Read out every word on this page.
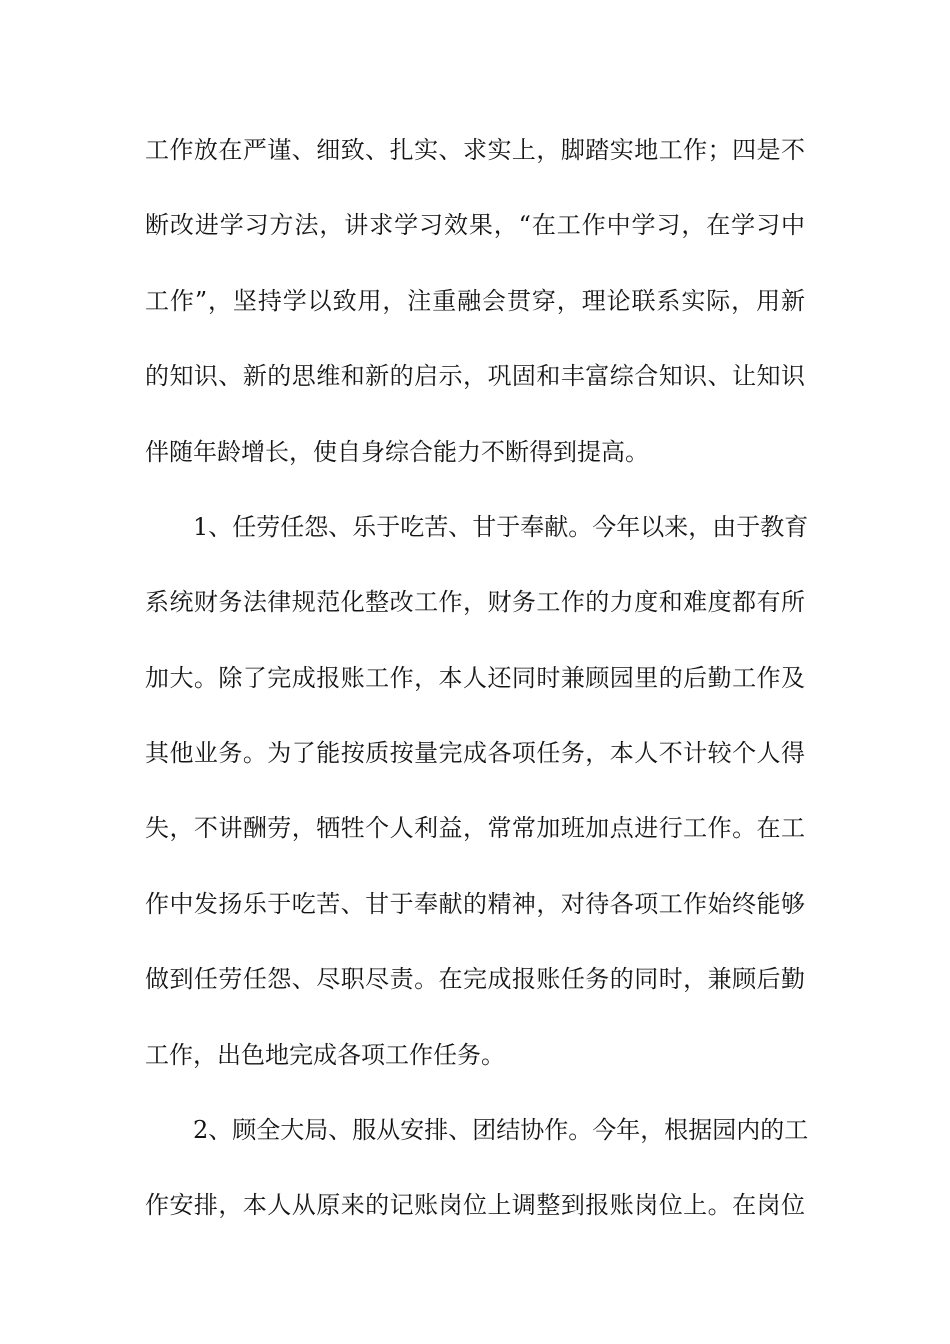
工作放在严谨、细致、扎实、求实上，脚踏实地工作；四是不
断改进学习方法，讲求学习效果，“在工作中学习，在学习中
工作”，坚持学以致用，注重融会贯穿，理论联系实际，用新
的知识、新的思维和新的启示，巩固和丰富综合知识、让知识
伴随年龄增长，使自身综合能力不断得到提高。
1、任劳任怨、乐于吃苦、甘于奉献。今年以来，由于教育
系统财务法律规范化整改工作，财务工作的力度和难度都有所
加大。除了完成报账工作，本人还同时兼顾园里的后勤工作及
其他业务。为了能按质按量完成各项任务，本人不计较个人得
失，不讲酬劳，牺牲个人利益，常常加班加点进行工作。在工
作中发扬乐于吃苦、甘于奉献的精神，对待各项工作始终能够
做到任劳任怨、尽职尽责。在完成报账任务的同时，兼顾后勤
工作，出色地完成各项工作任务。
2、顾全大局、服从安排、团结协作。今年，根据园内的工
作安排，本人从原来的记账岗位上调整到报账岗位上。在岗位
